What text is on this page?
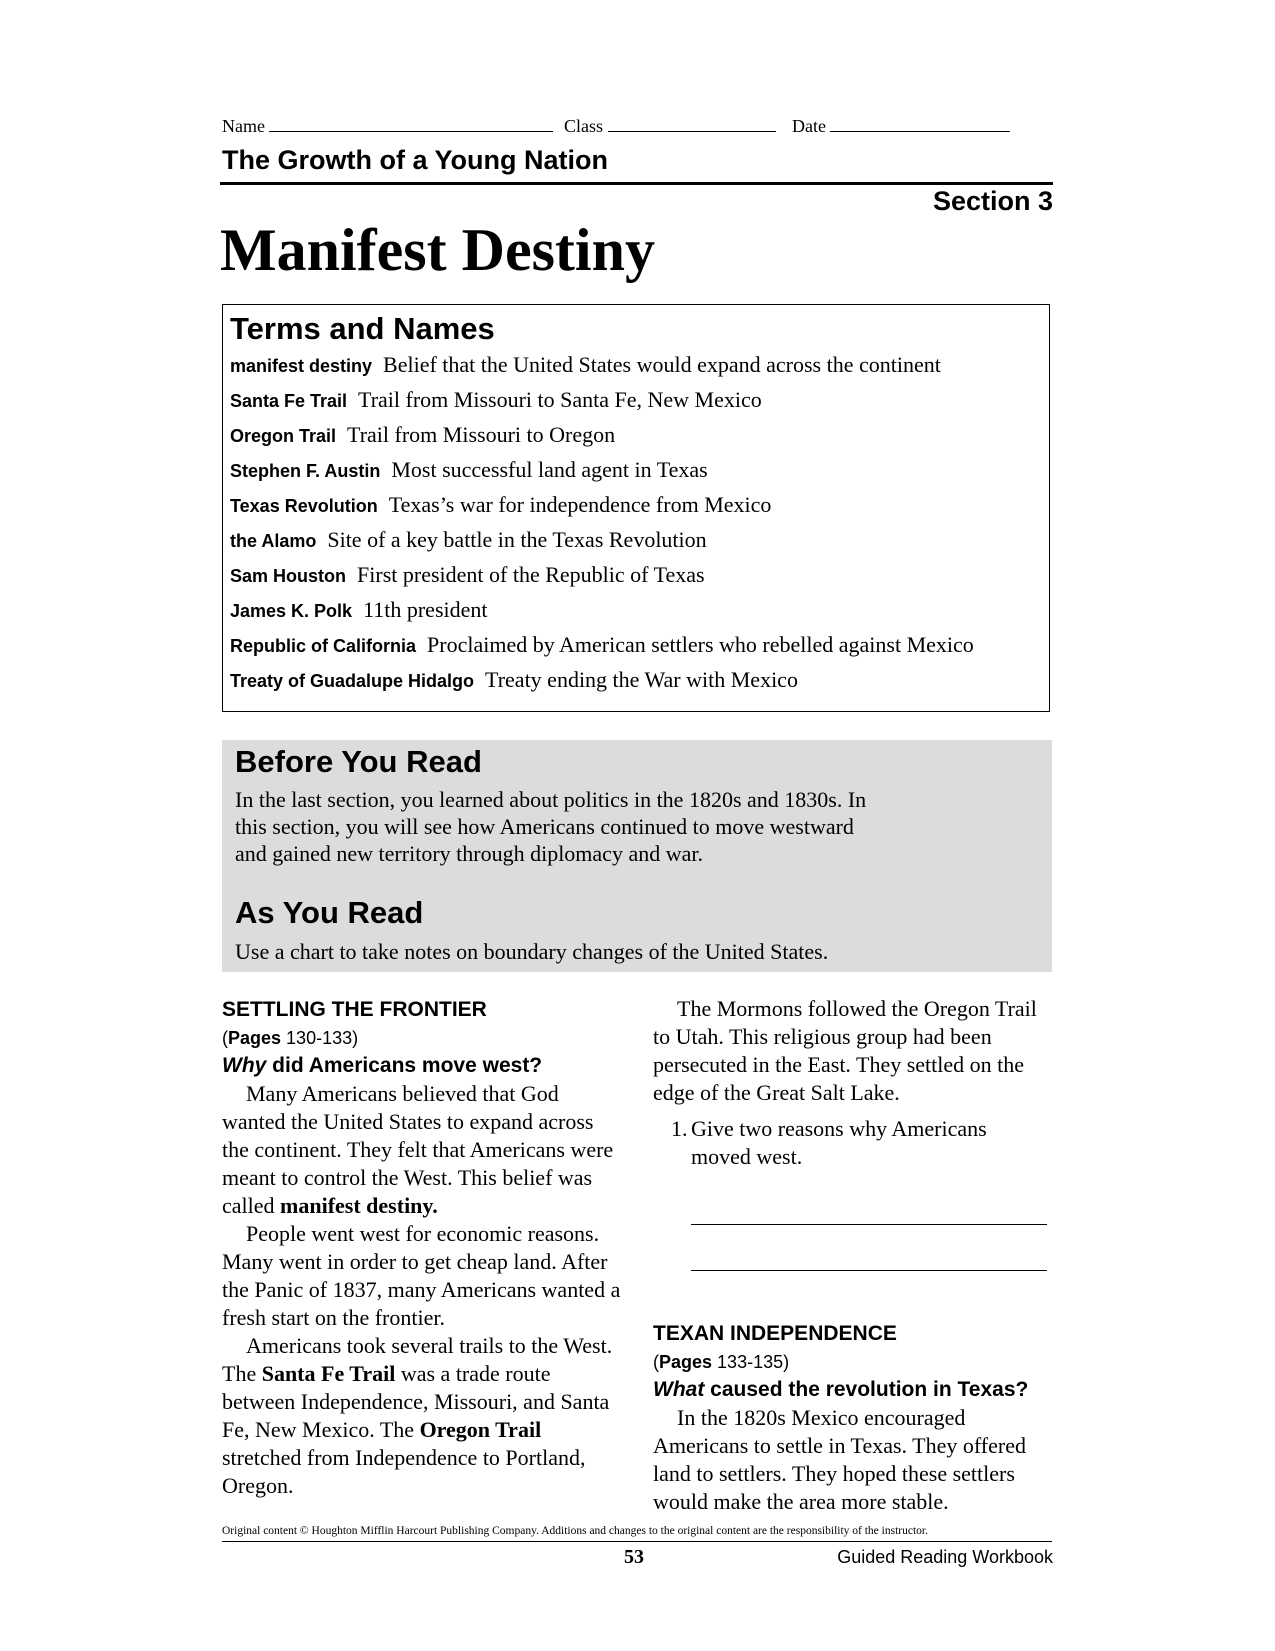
Name	Class	Date
The Growth of a Young Nation
Section 3
Manifest Destiny
Terms and Names
manifest destiny Belief that the United States would expand across the continent
Santa Fe Trail Trail from Missouri to Santa Fe, New Mexico
Oregon Trail Trail from Missouri to Oregon
Stephen F. Austin Most successful land agent in Texas
Texas Revolution Texas’s war for independence from Mexico
the Alamo Site of a key battle in the Texas Revolution
Sam Houston First president of the Republic of Texas
James K. Polk 11th president
Republic of California Proclaimed by American settlers who rebelled against Mexico
Treaty of Guadalupe Hidalgo Treaty ending the War with Mexico
Before You Read
In the last section, you learned about politics in the 1820s and 1830s. In
this section, you will see how Americans continued to move westward
and gained new territory through diplomacy and war.
As You Read
Use a chart to take notes on boundary changes of the United States.
SETTLING THE FRONTIER
(Pages 130-133)
Why did Americans move west?

Many Americans believed that God wanted the United States to expand across the continent. They felt that Americans were meant to control the West. This belief was called manifest destiny.

People went west for economic reasons. Many went in order to get cheap land. After the Panic of 1837, many Americans wanted a fresh start on the frontier.

Americans took several trails to the West. The Santa Fe Trail was a trade route between Independence, Missouri, and Santa Fe, New Mexico. The Oregon Trail stretched from Independence to Portland, Oregon.

The Mormons followed the Oregon Trail to Utah. This religious group had been persecuted in the East. They settled on the edge of the Great Salt Lake.

1. Give two reasons why Americans moved west.
TEXAN INDEPENDENCE
(Pages 133-135)
What caused the revolution in Texas?

In the 1820s Mexico encouraged Americans to settle in Texas. They offered land to settlers. They hoped these settlers would make the area more stable.

Original content © Houghton Mifflin Harcourt Publishing Company. Additions and changes to the original content are the responsibility of the instructor.
53	Guided Reading Workbook
